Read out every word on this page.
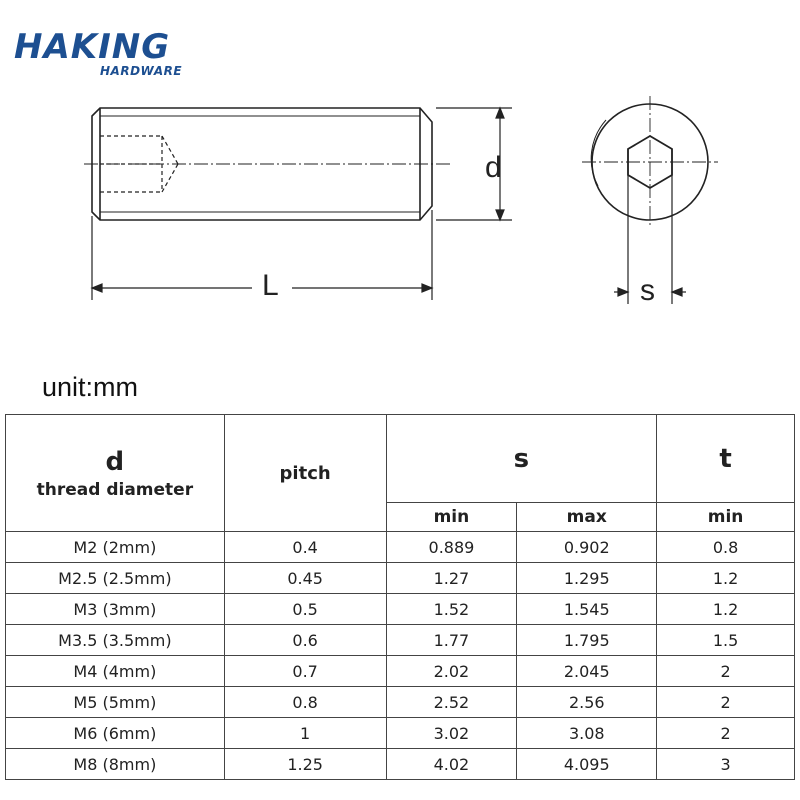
HAKING
HARDWARE
d
L	s
unit:mm
d
thread diameter	pitch	s		t

		min	max	min
M2 (2mm)	0.4	0.889	0.902	0.8
M2.5 (2.5mm)	0.45	1.27	1.295	1.2
M3 (3mm)	0.5	1.52	1.545	1.2
M3.5 (3.5mm)	0.6	1.77	1.795	1.5
M4 (4mm)	0.7	2.02	2.045	2
M5 (5mm)	0.8	2.52	2.56	2
M6 (6mm)	1	3.02	3.08	2
M8 (8mm)	1.25	4.02	4.095	3
